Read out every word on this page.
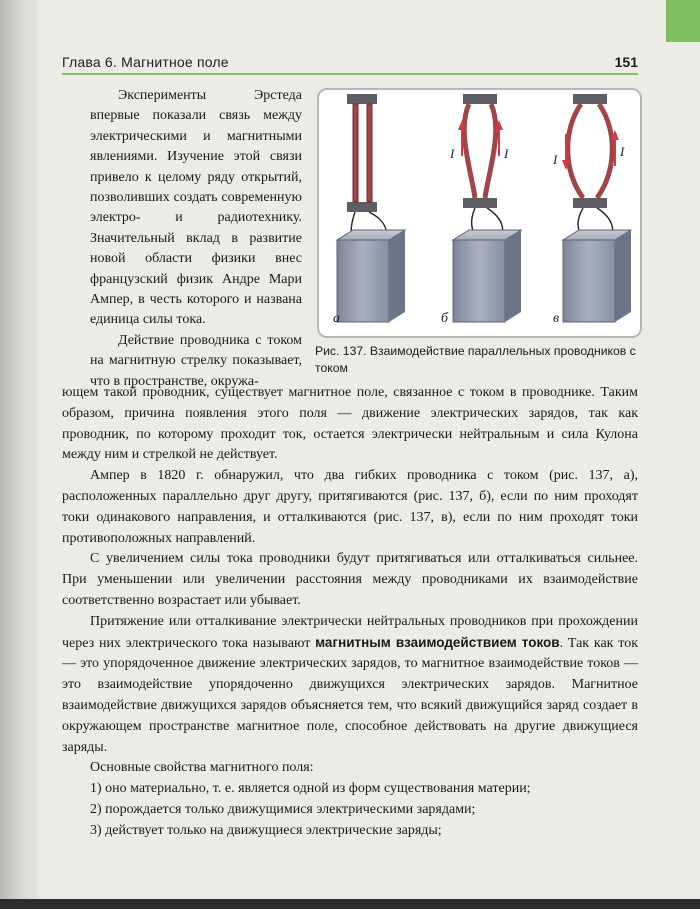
Глава 6. Магнитное поле	151

Эксперименты Эрстеда впервые показали связь между электрическими и магнитными явлениями. Изучение этой связи привело к целому ряду открытий, позволивших создать современную электро- и радиотехнику. Значительный вклад в развитие новой области физики внес французский физик Андре Мари Ампер, в честь которого и названа единица силы тока.

Действие проводника с током на магнитную стрелку показывает, что в пространстве, окружа-

I	I	I
I
а	б	в
Рис. 137. Взаимодействие параллельных проводников с током

ющем такой проводник, существует магнитное поле, связанное с током в проводнике. Таким образом, причина появления этого поля — движение электрических зарядов, так как проводник, по которому проходит ток, остается электрически нейтральным и сила Кулона между ним и стрелкой не действует.

Ампер в 1820 г. обнаружил, что два гибких проводника с током (рис. 137, а), расположенных параллельно друг другу, притягиваются (рис. 137, б), если по ним проходят токи одинакового направления, и отталкиваются (рис. 137, в), если по ним проходят токи противоположных направлений.

С увеличением силы тока проводники будут притягиваться или отталкиваться сильнее. При уменьшении или увеличении расстояния между проводниками их взаимодействие соответственно возрастает или убывает.

Притяжение или отталкивание электрически нейтральных проводников при прохождении через них электрического тока называют магнитным взаимодействием токов. Так как ток — это упорядоченное движение электрических зарядов, то магнитное взаимодействие токов — это взаимодействие упорядоченно движущихся электрических зарядов. Магнитное взаимодействие движущихся зарядов объясняется тем, что всякий движущийся заряд создает в окружающем пространстве магнитное поле, способное действовать на другие движущиеся заряды.

Основные свойства магнитного поля:

1) оно материально, т. е. является одной из форм существования материи;
2) порождается только движущимися электрическими зарядами;
3) действует только на движущиеся электрические заряды;
